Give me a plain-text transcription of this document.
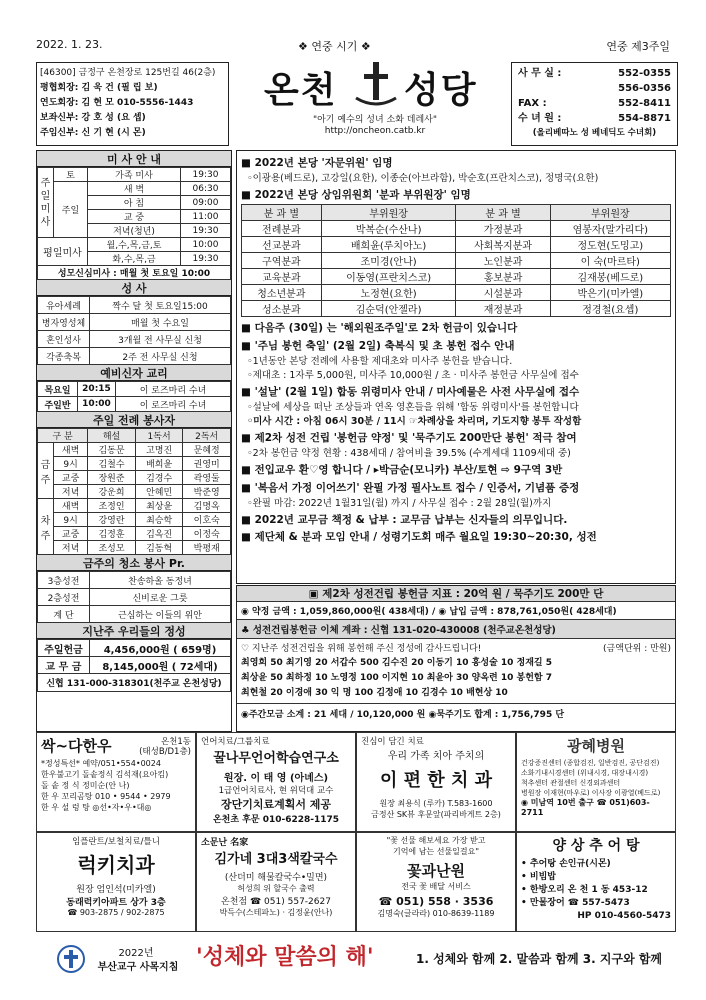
2022. 1. 23.	❖ 연중 시기 ❖	연중 제3주일
[46300] 금정구 온천장로 125번길 46(2층)
평협회장: 김 욱 건 (필 립 보)
연도회장: 김 현 모 010-5556-1443
보좌신부: 강 호 성 (요 셉)
주임신부: 신 기 현 (시 몬)
온천 성당
"아기 예수의 성녀 소화 데레사"
http://oncheon.catb.kr
사 무 실 :	552-0355
556-0356
FAX :	552-8411
수 녀 원 :	554-8871
(올리베따노 성 베네딕도 수녀회)
미 사 안 내
주일미사	토	가족 미사	19:30
	주일	새 벽	06:30
		아 침	09:00
		교 중	11:00
		저녁(청년)	19:30
평일미사		월,수,목,금,토	10:00
		화,수,목,금	19:30
성모신심미사 : 매월 첫 토요일 10:00			
성 사
유아세례	짝수 달 첫 토요일15:00
병자영성체	매월 첫 수요일
혼인성사	3개월 전 사무실 신청
각종축복	2주 전 사무실 신청
예비신자 교리
목요일	20:15	이 로즈마리 수녀
주일반	10:00	이 로즈마리 수녀
주일 전례 봉사자
구 분		해설	1독서	2독서
금주	새벽	김동문	고명진	문혜정
	9시	김철수	배희윤	권영미
	교중	장원준	김경수	곽영둘
	저녁	강운희	안혜민	박준영
차주	새벽	조정인	최상윤	김명옥
	9시	강영란	최승학	이호숙
	교중	김정훈	김옥진	이정숙
	저녁	조성모	김동혁	박평재
금주의 청소 봉사 Pr.
3층성전	찬송하올 동정녀
2층성전	신비로운 그릇
계 단	근심하는 이들의 위안
지난주 우리들의 정성
주일헌금	4,456,000원 ( 659명)
교 무 금	8,145,000원 ( 72세대)
신협 131-000-318301(천주교 온천성당)	
■ 2022년 본당 '자문위원' 임명
◦이광용(베드로), 고강일(요한), 이종순(아브라함), 박순호(프란치스코), 정명국(요한)
■ 2022년 본당 상임위원회 '분과 부위원장' 임명
분 과 별	부위원장	분 과 별	부위원장
전례분과	박복순(수산나)	가정분과	염봉자(말가리다)
선교분과	배희윤(루치아노)	사회복지분과	정도현(도밍고)
구역분과	조미경(안나)	노인분과	이 숙(마르타)
교육분과	이동영(프란치스코)	홍보분과	김재봉(베드로)
청소년분과	노정현(요한)	시설분과	박은기(미카엘)
성소분과	김순덕(안젤라)	재정분과	정경철(요셉)
■ 다음주 (30일) 는 '해외원조주일'로 2차 헌금이 있습니다
■ '주님 봉헌 축일' (2월 2일) 축복식 및 초 봉헌 접수 안내
◦1년동안 본당 전례에 사용할 제대초와 미사주 봉헌을 받습니다.
◦제대초 : 1자루 5,000원, 미사주 10,000원 / 초 · 미사주 봉헌금 사무실에 접수
■ '설날' (2월 1일) 합동 위령미사 안내 / 미사예물은 사전 사무실에 접수
◦설날에 세상을 떠난 조상들과 연옥 영혼들을 위해 '합동 위령미사'를 봉헌합니다
◦미사 시간 : 아침 06시 30분 / 11시 ☞차례상을 차리며, 기도지향 봉투 작성함
■ 제2차 성전 건립 '봉헌금 약정' 및 '묵주기도 200만단 봉헌' 적극 참여
◦2차 봉헌금 약정 현황 : 438세대 / 참여비율 39.5% (수계세대 1109세대 중)
■ 전입교우 환♡영 합니다 / ▸박금순(모니카) 부산/토현 ⇨ 9구역 3반
■ '복음서 가정 이어쓰기' 완필 가정 필사노트 접수 / 인증서, 기념품 증정
◦완필 마감: 2022년 1월31일(월) 까지 / 사무실 접수 : 2월 28일(월)까지
■ 2022년 교무금 책정 & 납부 : 교무금 납부는 신자들의 의무입니다.
■ 제단체 & 분과 모임 안내 / 성령기도회 매주 월요일 19:30~20:30, 성전
▣ 제2차 성전건립 봉헌금 지표 : 20억 원 / 묵주기도 200만 단
◉ 약정 금액 : 1,059,860,000원( 438세대) / ◉ 납입 금액 : 878,761,050원( 428세대)
♣ 성전건립봉헌금 이체 계좌 : 신협 131-020-430008 (천주교온천성당)
♡ 지난주 성전건립을 위해 봉헌해 주신 정성에 감사드립니다!	(금액단위 : 만원)
최영희 50 최기영 20 서갑수 500 김수진 20 이동기 10 홍성술 10 정재길 5
최상윤 50 최하정 10 노영정 100 이지현 10 최윤아 30 양옥련 10 봉헌함 7
최현철 20 이경애 30 익 명 100 김정애 10 김경수 10 배현상 10
◉주간모금 소계 : 21 세대 / 10,120,000 원 ◉묵주기도 합계 : 1,756,795 단
싹~다한우	온천1동
(태성B/D1층)
*정성특선* 예약/051•554•0024
한우불고기 돌솥정식 김석재(요아킴)
돌 솥 정 식 정미순(안 나)
한 우 꼬리곰탕 010 • 9544 • 2979
한 우 설 렁 탕 ◎선•자•우•대◎
언어치료/그룹치료
꿀나무언어학습연구소
원장. 이 태 영 (아녜스)
1급언어치료사, 현 위덕대 교수
장단기치료계획서 제공
온천초 후문 010-6228-1175
진심이 담긴 치료
우리 가족 치아 주치의
이 편 한 치 과
원장 최용식 (루카) T.583-1600
금정산 SK뷰 후문앞(파리바게트 2층)
광혜병원
건강증진센터 (종합검진, 일반검진, 공단검진)
소화기내시경센터 (위내시경, 대장내시경)
척추센터 관절센터 신경외과센터
병원장 이재현(마우로) 이사장 이광열(베드로)
◉ 미남역 10번 출구 ☎ 051)603-2711
임플란트/보철치료/틀니
럭키치과
원장 엄인석(미카엘)
동래럭키아파트 상가 3층
☎ 903-2875 / 902-2875
소문난 名家
김가네 3대3색칼국수
(산더미 해물칼국수•밀면)
허성희 위 할국수 출력
온천점 ☎ 051) 557-2627
박득수(스테파노) · 김정윤(안나)
"꽃 선물 해보세요 가장 받고
기억에 남는 선물일걸요"
꽃과난원
전국 꽃 배달 서비스
☎ 051) 558 · 3536
김명숙(글라라) 010-8639-1189
양 상 추 어 탕
• 추어탕 손인규(시몬)
• 비빔밥
• 한방오리 온 천 1 동 453-12
• 만물장어 ☎ 557-5473
HP 010-4560-5473
2022년
부산교구 사목지침 '성체와 말씀의 해'	1. 성체와 함께 2. 말씀과 함께 3. 지구와 함께
